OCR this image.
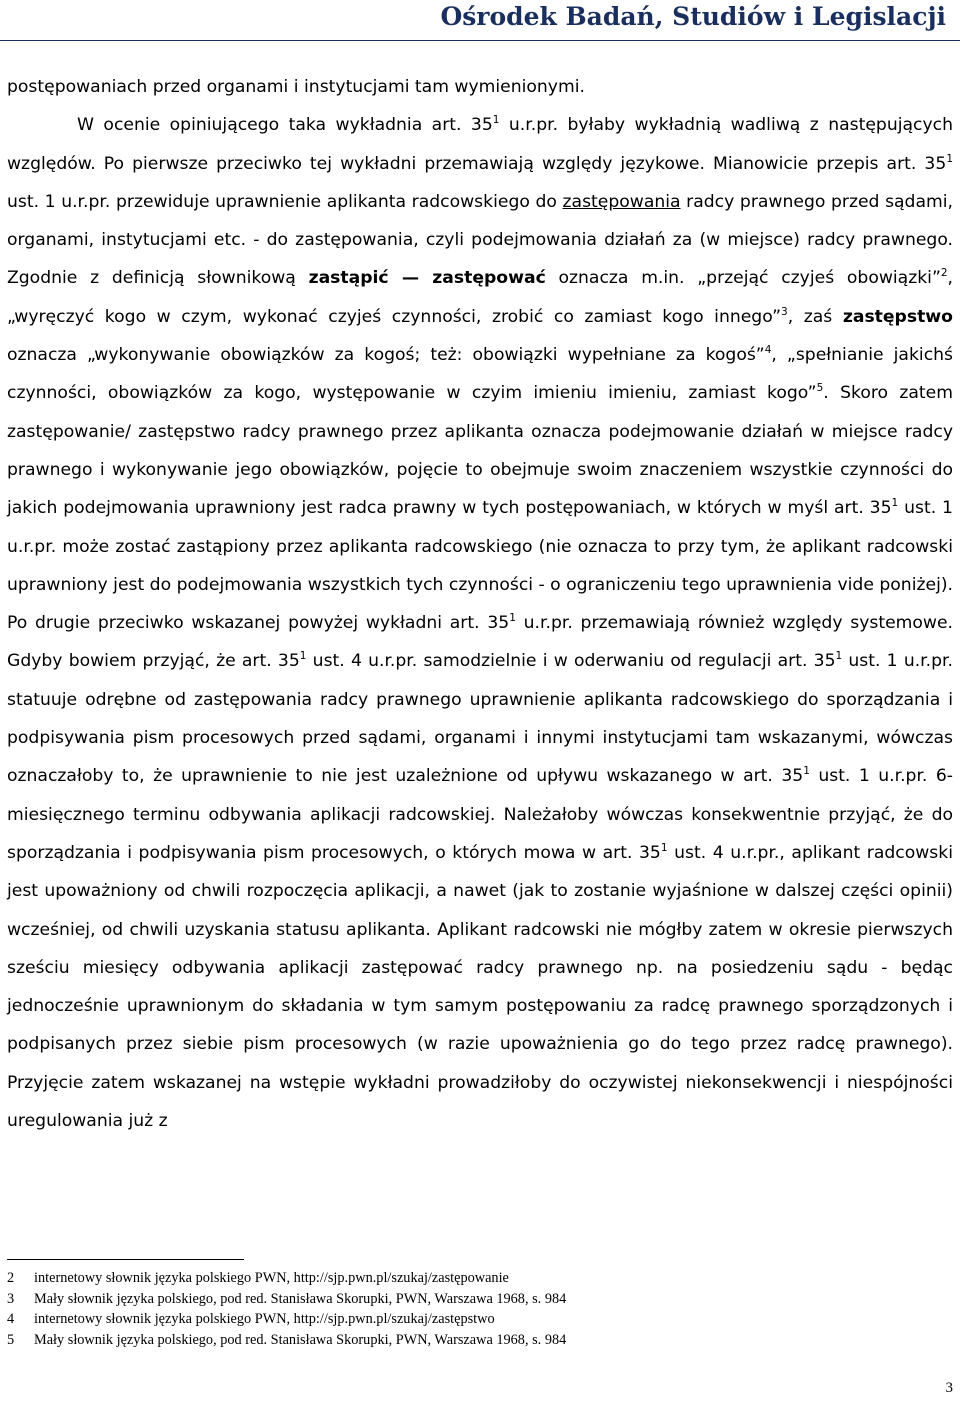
Ośrodek Badań, Studiów i Legislacji

postępowaniach przed organami i instytucjami tam wymienionymi.

W ocenie opiniującego taka wykładnia art. $35^1$ u.r.pr. byłaby wykładnią wadliwą z następujących względów. Po pierwsze przeciwko tej wykładni przemawiają względy językowe. Mianowicie przepis art. $35^1$ ust. 1 u.r.pr. przewiduje uprawnienie aplikanta radcowskiego do zastępowania radcy prawnego przed sądami, organami, instytucjami etc. - do zastępowania, czyli podejmowania działań za (w miejsce) radcy prawnego. Zgodnie z definicją słownikową zastąpić — zastępować oznacza m.in. „przejąć czyjeś obowiązki”$^2$, „wyręczyć kogo w czym, wykonać czyjeś czynności, zrobić co zamiast kogo innego”$^3$, zaś zastępstwo oznacza „wykonywanie obowiązków za kogoś; też: obowiązki wypełniane za kogoś”$^4$, „spełnianie jakichś czynności, obowiązków za kogo, występowanie w czyim imieniu imieniu, zamiast kogo”$^5$. Skoro zatem zastępowanie/ zastępstwo radcy prawnego przez aplikanta oznacza podejmowanie działań w miejsce radcy prawnego i wykonywanie jego obowiązków, pojęcie to obejmuje swoim znaczeniem wszystkie czynności do jakich podejmowania uprawniony jest radca prawny w tych postępowaniach, w których w myśl art. $35^1$ ust. 1 u.r.pr. może zostać zastąpiony przez aplikanta radcowskiego (nie oznacza to przy tym, że aplikant radcowski uprawniony jest do podejmowania wszystkich tych czynności - o ograniczeniu tego uprawnienia vide poniżej). Po drugie przeciwko wskazanej powyżej wykładni art. $35^1$ u.r.pr. przemawiają również względy systemowe. Gdyby bowiem przyjąć, że art. $35^1$ ust. 4 u.r.pr. samodzielnie i w oderwaniu od regulacji art. $35^1$ ust. 1 u.r.pr. statuuje odrębne od zastępowania radcy prawnego uprawnienie aplikanta radcowskiego do sporządzania i podpisywania pism procesowych przed sądami, organami i innymi instytucjami tam wskazanymi, wówczas oznaczałoby to, że uprawnienie to nie jest uzależnione od upływu wskazanego w art. $35^1$ ust. 1 u.r.pr. 6-miesięcznego terminu odbywania aplikacji radcowskiej. Należałoby wówczas konsekwentnie przyjąć, że do sporządzania i podpisywania pism procesowych, o których mowa w art. $35^1$ ust. 4 u.r.pr., aplikant radcowski jest upoważniony od chwili rozpoczęcia aplikacji, a nawet (jak to zostanie wyjaśnione w dalszej części opinii) wcześniej, od chwili uzyskania statusu aplikanta. Aplikant radcowski nie mógłby zatem w okresie pierwszych sześciu miesięcy odbywania aplikacji zastępować radcy prawnego np. na posiedzeniu sądu - będąc jednocześnie uprawnionym do składania w tym samym postępowaniu za radcę prawnego sporządzonych i podpisanych przez siebie pism procesowych (w razie upoważnienia go do tego przez radcę prawnego). Przyjęcie zatem wskazanej na wstępie wykładni prowadziłoby do oczywistej niekonsekwencji i niespójności uregulowania już z

2 internetowy słownik języka polskiego PWN, http://sjp.pwn.pl/szukaj/zastępowanie
3 Mały słownik języka polskiego, pod red. Stanisława Skorupki, PWN, Warszawa 1968, s. 984
4 internetowy słownik języka polskiego PWN, http://sjp.pwn.pl/szukaj/zastępstwo
5 Mały słownik języka polskiego, pod red. Stanisława Skorupki, PWN, Warszawa 1968, s. 984
3
